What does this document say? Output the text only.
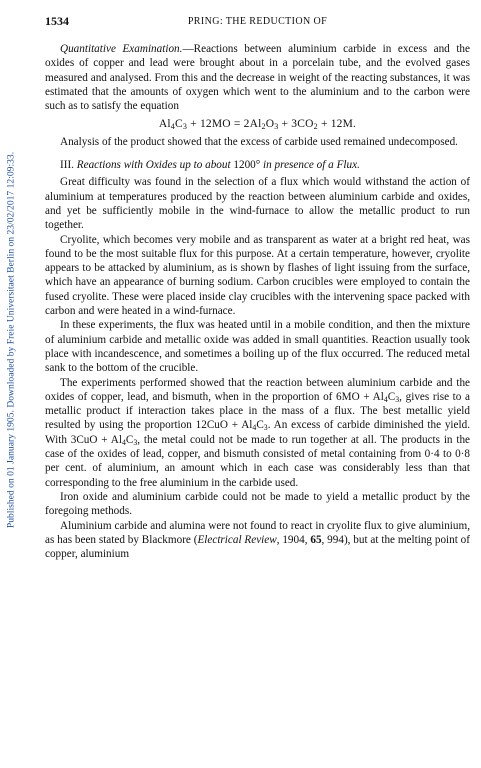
Published on 01 January 1905. Downloaded by Freie Universitaet Berlin on 23/02/2017 12:09:33.
1534	PRING: THE REDUCTION OF

Quantitative Examination.—Reactions between aluminium carbide in excess and the oxides of copper and lead were brought about in a porcelain tube, and the evolved gases measured and analysed. From this and the decrease in weight of the reacting substances, it was estimated that the amounts of oxygen which went to the aluminium and to the carbon were such as to satisfy the equation

$Al_4C_3 + 12MO = 2Al_2O_3 + 3CO_2 + 12M$.

Analysis of the product showed that the excess of carbide used remained undecomposed.

III. Reactions with Oxides up to about 1200° in presence of a Flux.

Great difficulty was found in the selection of a flux which would withstand the action of aluminium at temperatures produced by the reaction between aluminium carbide and oxides, and yet be sufficiently mobile in the wind-furnace to allow the metallic product to run together.

Cryolite, which becomes very mobile and as transparent as water at a bright red heat, was found to be the most suitable flux for this purpose. At a certain temperature, however, cryolite appears to be attacked by aluminium, as is shown by flashes of light issuing from the surface, which have an appearance of burning sodium. Carbon crucibles were employed to contain the fused cryolite. These were placed inside clay crucibles with the intervening space packed with carbon and were heated in a wind-furnace.

In these experiments, the flux was heated until in a mobile condition, and then the mixture of aluminium carbide and metallic oxide was added in small quantities. Reaction usually took place with incandescence, and sometimes a boiling up of the flux occurred. The reduced metal sank to the bottom of the crucible.

The experiments performed showed that the reaction between aluminium carbide and the oxides of copper, lead, and bismuth, when in the proportion of $6MO + Al_4C_3$, gives rise to a metallic product if interaction takes place in the mass of a flux. The best metallic yield resulted by using the proportion $12CuO + Al_4C_3$. An excess of carbide diminished the yield. With $3CuO + Al_4C_3$, the metal could not be made to run together at all. The products in the case of the oxides of lead, copper, and bismuth consisted of metal containing from 0·4 to 0·8 per cent. of aluminium, an amount which in each case was considerably less than that corresponding to the free aluminium in the carbide used.

Iron oxide and aluminium carbide could not be made to yield a metallic product by the foregoing methods.

Aluminium carbide and alumina were not found to react in cryolite flux to give aluminium, as has been stated by Blackmore (Electrical Review, 1904, 65, 994), but at the melting point of copper, aluminium
